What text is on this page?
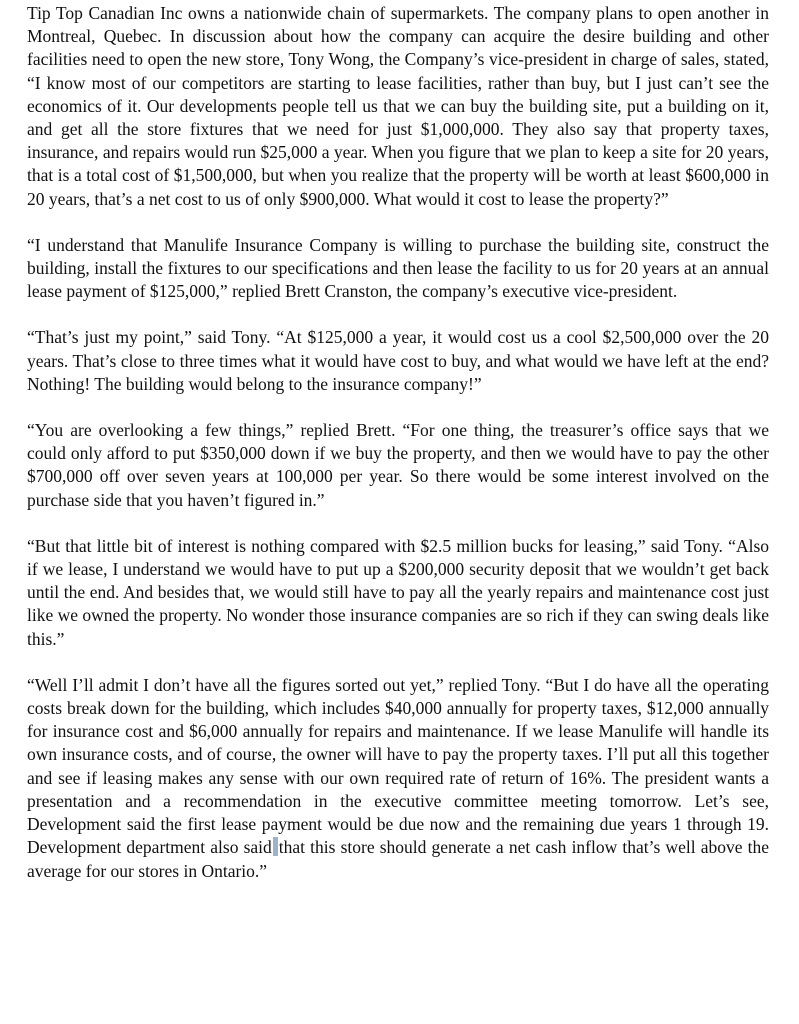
Tip Top Canadian Inc owns a nationwide chain of supermarkets. The company plans to open another in Montreal, Quebec. In discussion about how the company can acquire the desire building and other facilities need to open the new store, Tony Wong, the Company’s vice-president in charge of sales, stated, “I know most of our competitors are starting to lease facilities, rather than buy, but I just can’t see the economics of it. Our developments people tell us that we can buy the building site, put a building on it, and get all the store fixtures that we need for just $1,000,000. They also say that property taxes, insurance, and repairs would run $25,000 a year. When you figure that we plan to keep a site for 20 years, that is a total cost of $1,500,000, but when you realize that the property will be worth at least $600,000 in 20 years, that’s a net cost to us of only $900,000. What would it cost to lease the property?”

“I understand that Manulife Insurance Company is willing to purchase the building site, construct the building, install the fixtures to our specifications and then lease the facility to us for 20 years at an annual lease payment of $125,000,” replied Brett Cranston, the company’s executive vice-president.

“That’s just my point,” said Tony. “At $125,000 a year, it would cost us a cool $2,500,000 over the 20 years. That’s close to three times what it would have cost to buy, and what would we have left at the end? Nothing! The building would belong to the insurance company!”

“You are overlooking a few things,” replied Brett. “For one thing, the treasurer’s office says that we could only afford to put $350,000 down if we buy the property, and then we would have to pay the other $700,000 off over seven years at 100,000 per year. So there would be some interest involved on the purchase side that you haven’t figured in.”

“But that little bit of interest is nothing compared with $2.5 million bucks for leasing,” said Tony. “Also if we lease, I understand we would have to put up a $200,000 security deposit that we wouldn’t get back until the end. And besides that, we would still have to pay all the yearly repairs and maintenance cost just like we owned the property. No wonder those insurance companies are so rich if they can swing deals like this.”

“Well I’ll admit I don’t have all the figures sorted out yet,” replied Tony. “But I do have all the operating costs break down for the building, which includes $40,000 annually for property taxes, $12,000 annually for insurance cost and $6,000 annually for repairs and maintenance. If we lease Manulife will handle its own insurance costs, and of course, the owner will have to pay the property taxes. I’ll put all this together and see if leasing makes any sense with our own required rate of return of 16%. The president wants a presentation and a recommendation in the executive committee meeting tomorrow. Let’s see, Development said the first lease payment would be due now and the remaining due years 1 through 19. Development department also said that this store should generate a net cash inflow that’s well above the average for our stores in Ontario.”
